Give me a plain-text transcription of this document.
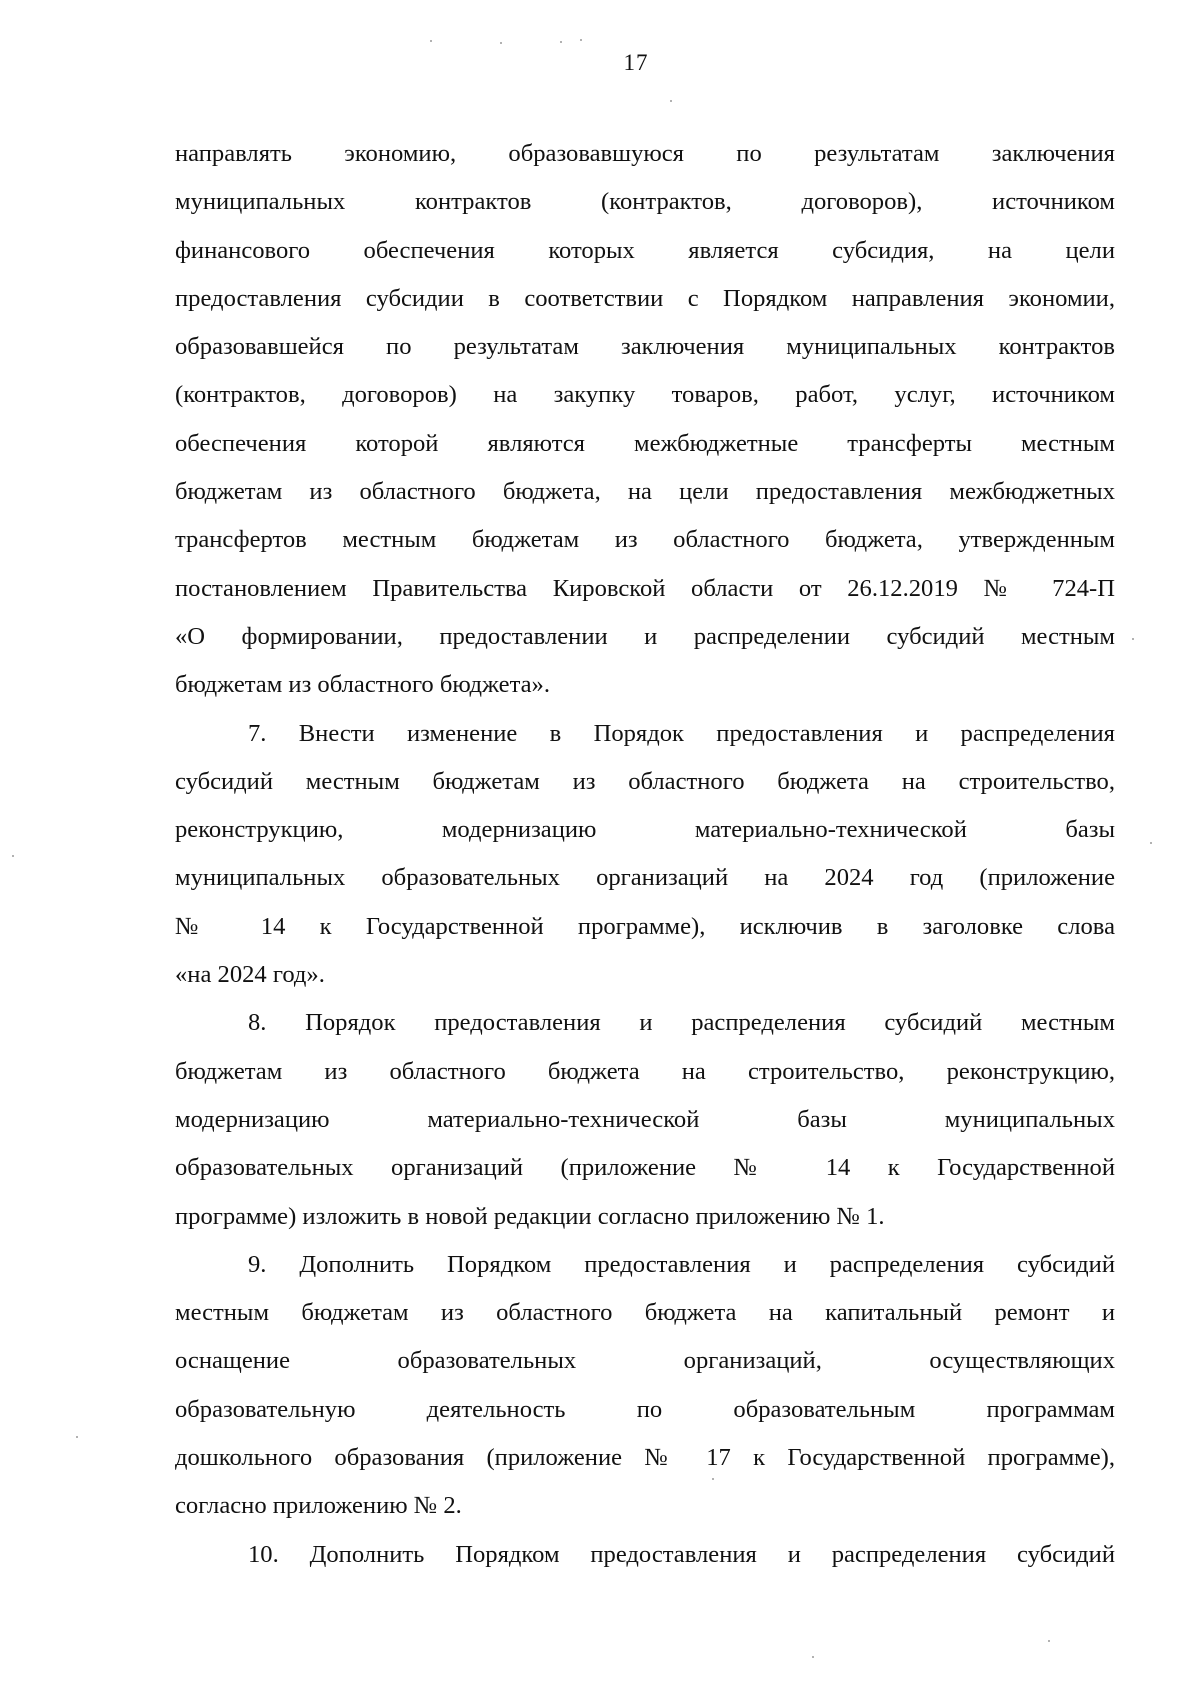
17
направлять экономию, образовавшуюся по результатам заключения
муниципальных контрактов (контрактов, договоров), источником
финансового обеспечения которых является субсидия, на цели
предоставления субсидии в соответствии с Порядком направления экономии,
образовавшейся по результатам заключения муниципальных контрактов
(контрактов, договоров) на закупку товаров, работ, услуг, источником
обеспечения которой являются межбюджетные трансферты местным
бюджетам из областного бюджета, на цели предоставления межбюджетных
трансфертов местным бюджетам из областного бюджета, утвержденным
постановлением Правительства Кировской области от 26.12.2019 № 724-П
«О формировании, предоставлении и распределении субсидий местным
бюджетам из областного бюджета».
7. Внести изменение в Порядок предоставления и распределения
субсидий местным бюджетам из областного бюджета на строительство,
реконструкцию, модернизацию материально-технической базы
муниципальных образовательных организаций на 2024 год (приложение
№ 14 к Государственной программе), исключив в заголовке слова
«на 2024 год».
8. Порядок предоставления и распределения субсидий местным
бюджетам из областного бюджета на строительство, реконструкцию,
модернизацию материально-технической базы муниципальных
образовательных организаций (приложение № 14 к Государственной
программе) изложить в новой редакции согласно приложению № 1.
9. Дополнить Порядком предоставления и распределения субсидий
местным бюджетам из областного бюджета на капитальный ремонт и
оснащение образовательных организаций, осуществляющих
образовательную деятельность по образовательным программам
дошкольного образования (приложение № 17 к Государственной программе),
согласно приложению № 2.
10. Дополнить Порядком предоставления и распределения субсидий
